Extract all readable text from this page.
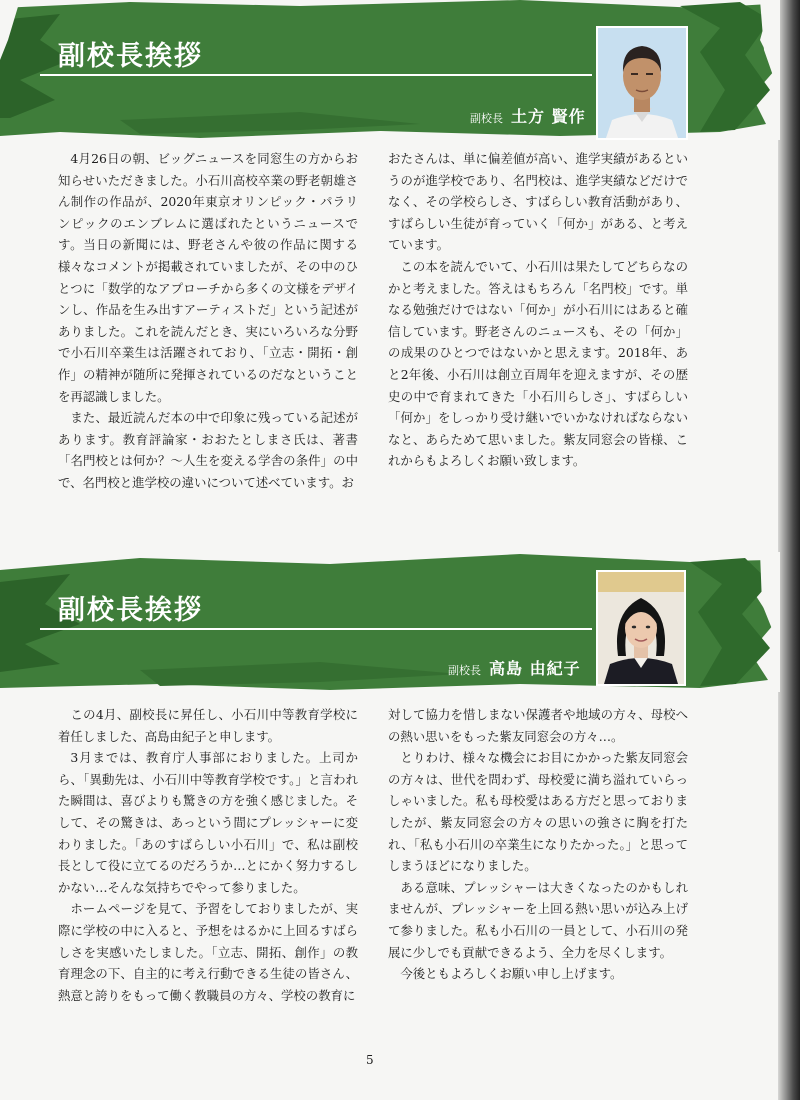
副校長挨拶
副校長 土方 賢作

4月26日の朝、ビッグニュースを同窓生の方からお知らせいただきました。小石川高校卒業の野老朝雄さん制作の作品が、2020年東京オリンピック・パラリンピックのエンブレムに選ばれたというニュースです。当日の新聞には、野老さんや彼の作品に関する様々なコメントが掲載されていましたが、その中のひとつに「数学的なアプローチから多くの文様をデザインし、作品を生み出すアーティストだ」という記述がありました。これを読んだとき、実にいろいろな分野で小石川卒業生は活躍されており、「立志・開拓・創作」の精神が随所に発揮されているのだなということを再認識しました。

また、最近読んだ本の中で印象に残っている記述があります。教育評論家・おおたとしまさ氏は、著書「名門校とは何か？～人生を変える学舎の条件」の中で、名門校と進学校の違いについて述べています。お

おたさんは、単に偏差値が高い、進学実績があるというのが進学校であり、名門校は、進学実績などだけでなく、その学校らしさ、すばらしい教育活動があり、すばらしい生徒が育っていく「何か」がある、と考えています。

この本を読んでいて、小石川は果たしてどちらなのかと考えました。答えはもちろん「名門校」です。単なる勉強だけではない「何か」が小石川にはあると確信しています。野老さんのニュースも、その「何か」の成果のひとつではないかと思えます。2018年、あと2年後、小石川は創立百周年を迎えますが、その歴史の中で育まれてきた「小石川らしさ」、すばらしい「何か」をしっかり受け継いでいかなければならないなと、あらためて思いました。紫友同窓会の皆様、これからもよろしくお願い致します。

副校長挨拶
副校長 高島 由紀子

この4月、副校長に昇任し、小石川中等教育学校に着任しました、高島由紀子と申します。

3月までは、教育庁人事部におりました。上司から、「異動先は、小石川中等教育学校です。」と言われた瞬間は、喜びよりも驚きの方を強く感じました。そして、その驚きは、あっという間にプレッシャーに変わりました。「あのすばらしい小石川」で、私は副校長として役に立てるのだろうか…とにかく努力するしかない…そんな気持ちでやって参りました。

ホームページを見て、予習をしておりましたが、実際に学校の中に入ると、予想をはるかに上回るすばらしさを実感いたしました。「立志、開拓、創作」の教育理念の下、自主的に考え行動できる生徒の皆さん、熱意と誇りをもって働く教職員の方々、学校の教育に

対して協力を惜しまない保護者や地域の方々、母校への熱い思いをもった紫友同窓会の方々…。

とりわけ、様々な機会にお目にかかった紫友同窓会の方々は、世代を問わず、母校愛に満ち溢れていらっしゃいました。私も母校愛はある方だと思っておりましたが、紫友同窓会の方々の思いの強さに胸を打たれ、「私も小石川の卒業生になりたかった。」と思ってしまうほどになりました。

ある意味、プレッシャーは大きくなったのかもしれませんが、プレッシャーを上回る熱い思いが込み上げて参りました。私も小石川の一員として、小石川の発展に少しでも貢献できるよう、全力を尽くします。

今後ともよろしくお願い申し上げます。

5
